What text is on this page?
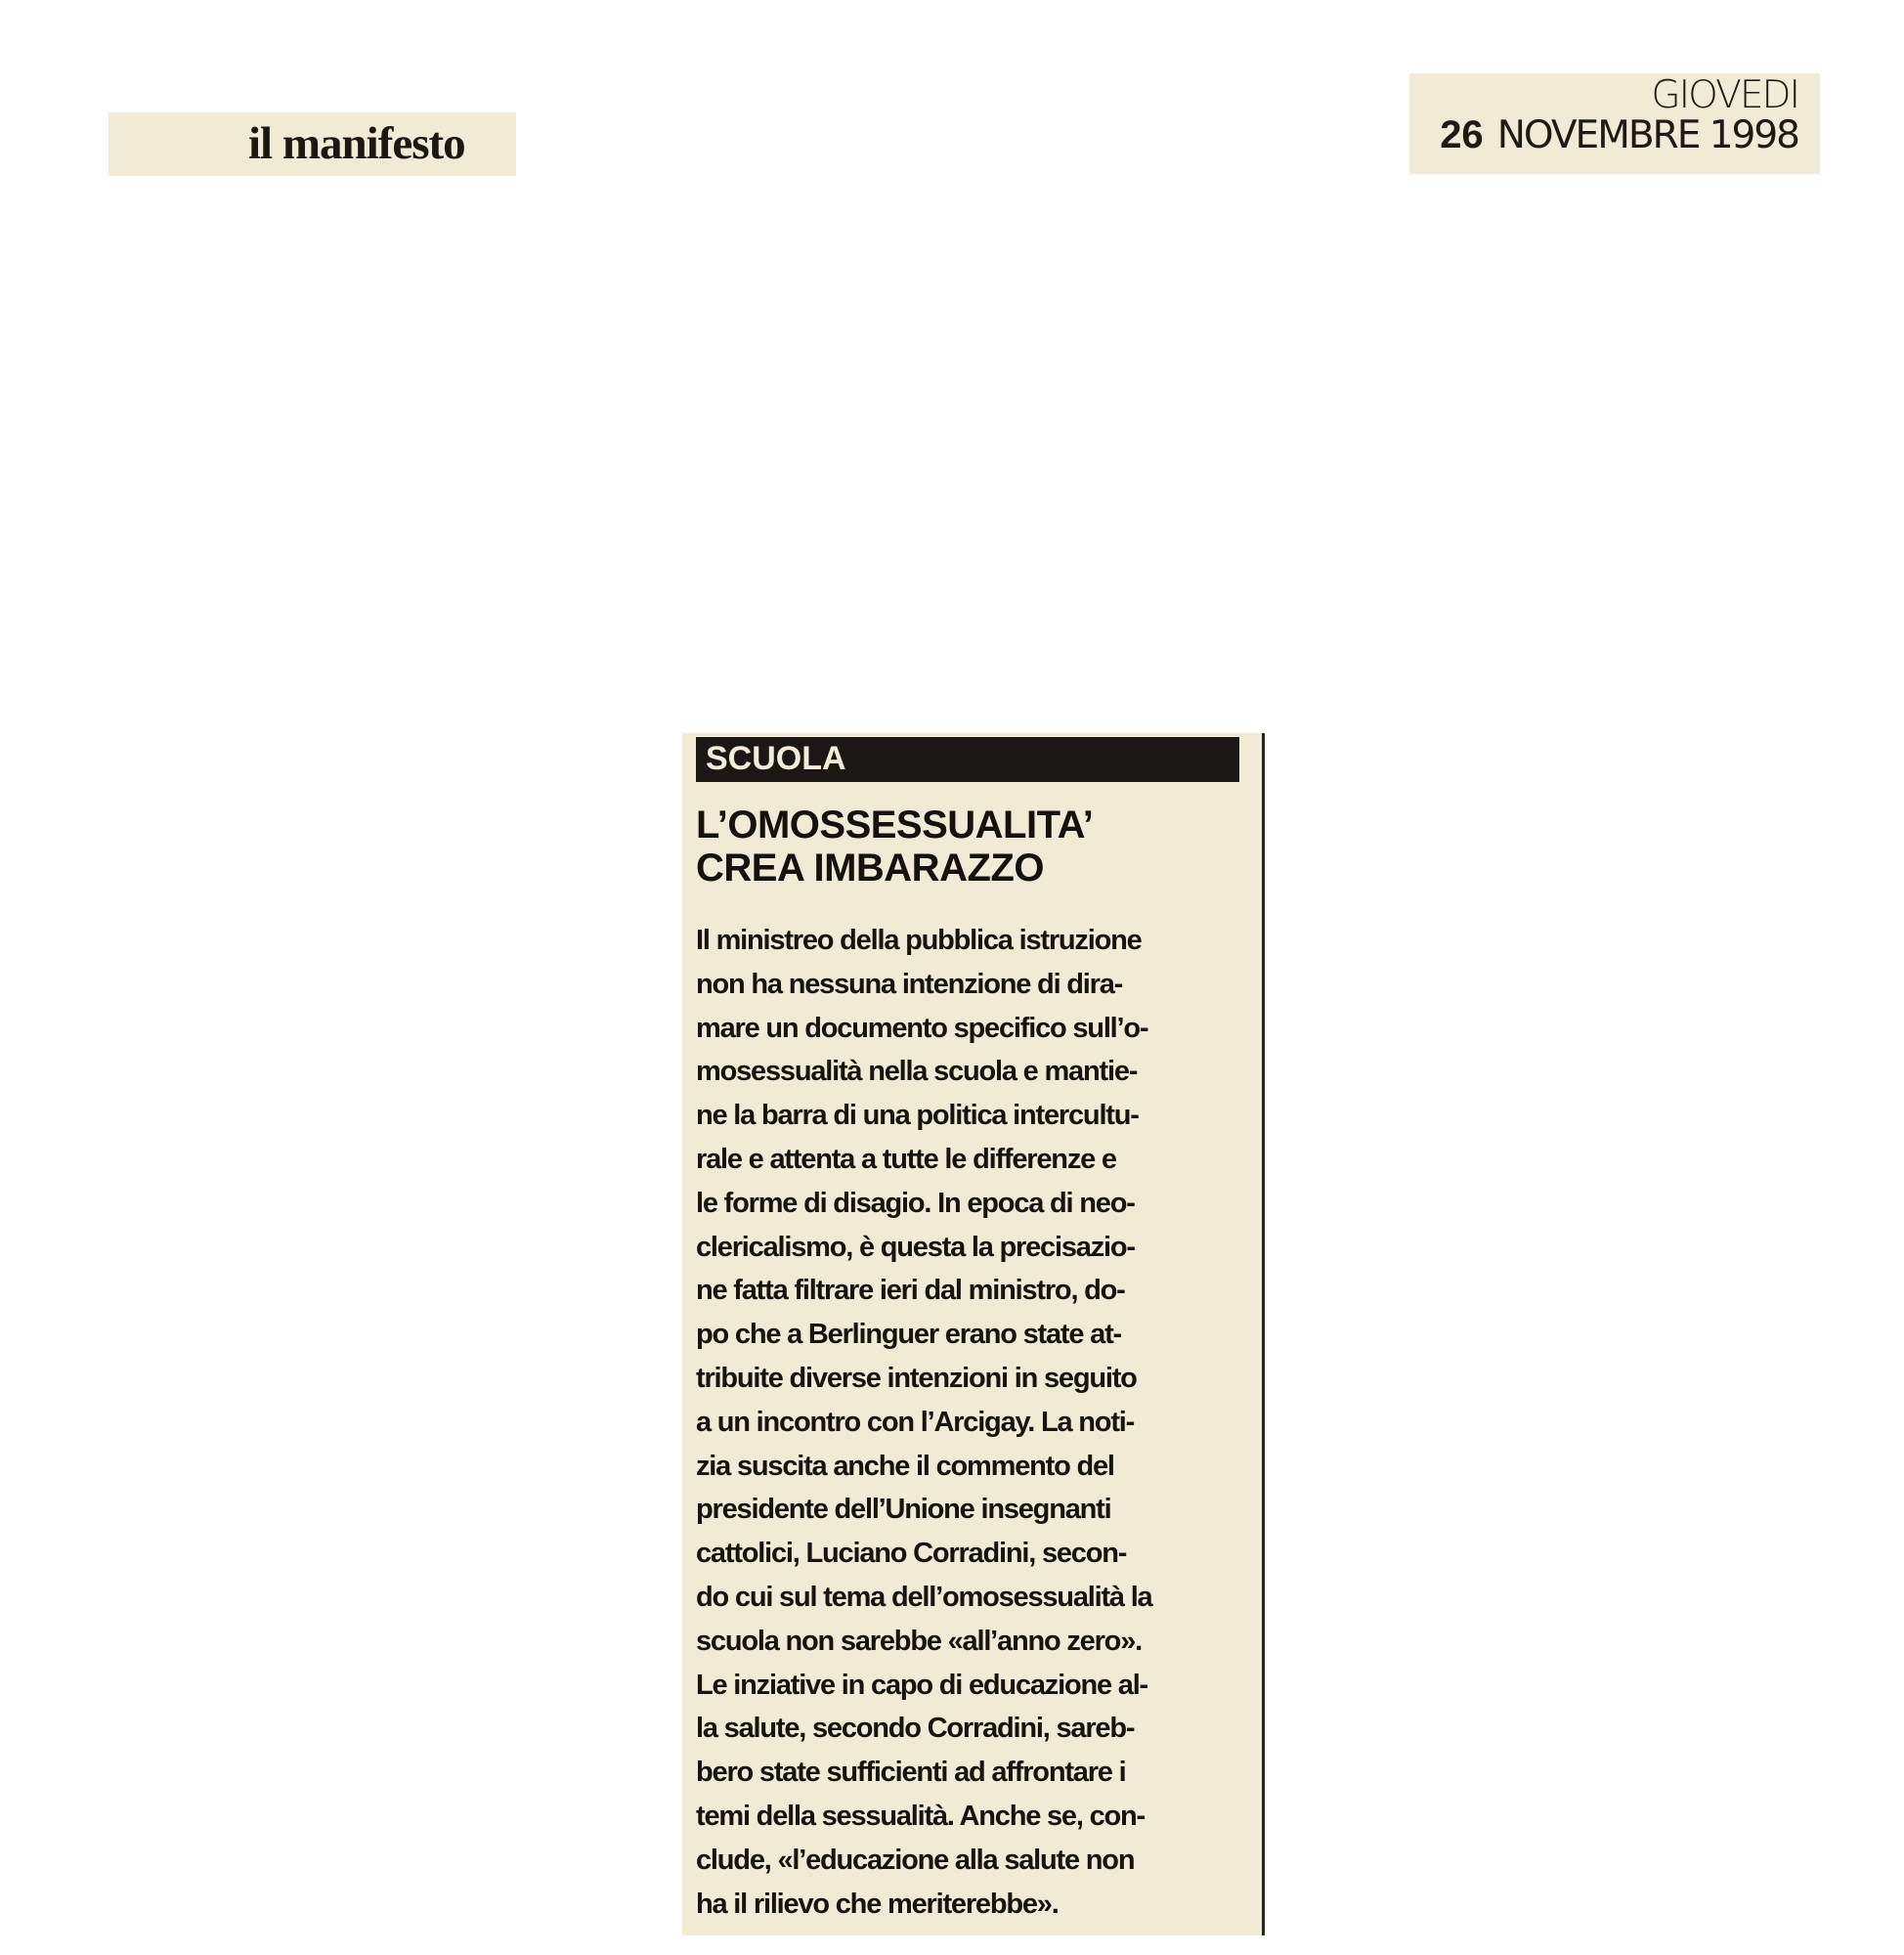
il manifesto
GIOVEDI
26 NOVEMBRE 1998
SCUOLA
L’OMOSSESSUALITA’
CREA IMBARAZZO
Il ministreo della pubblica istruzione
non ha nessuna intenzione di dira-
mare un documento specifico sull’o-
mosessualità nella scuola e mantie-
ne la barra di una politica intercultu-
rale e attenta a tutte le differenze e
le forme di disagio. In epoca di neo-
clericalismo, è questa la precisazio-
ne fatta filtrare ieri dal ministro, do-
po che a Berlinguer erano state at-
tribuite diverse intenzioni in seguito
a un incontro con l’Arcigay. La noti-
zia suscita anche il commento del
presidente dell’Unione insegnanti
cattolici, Luciano Corradini, secon-
do cui sul tema dell’omosessualità la
scuola non sarebbe «all’anno zero».
Le inziative in capo di educazione al-
la salute, secondo Corradini, sareb-
bero state sufficienti ad affrontare i
temi della sessualità. Anche se, con-
clude, «l’educazione alla salute non
ha il rilievo che meriterebbe».
